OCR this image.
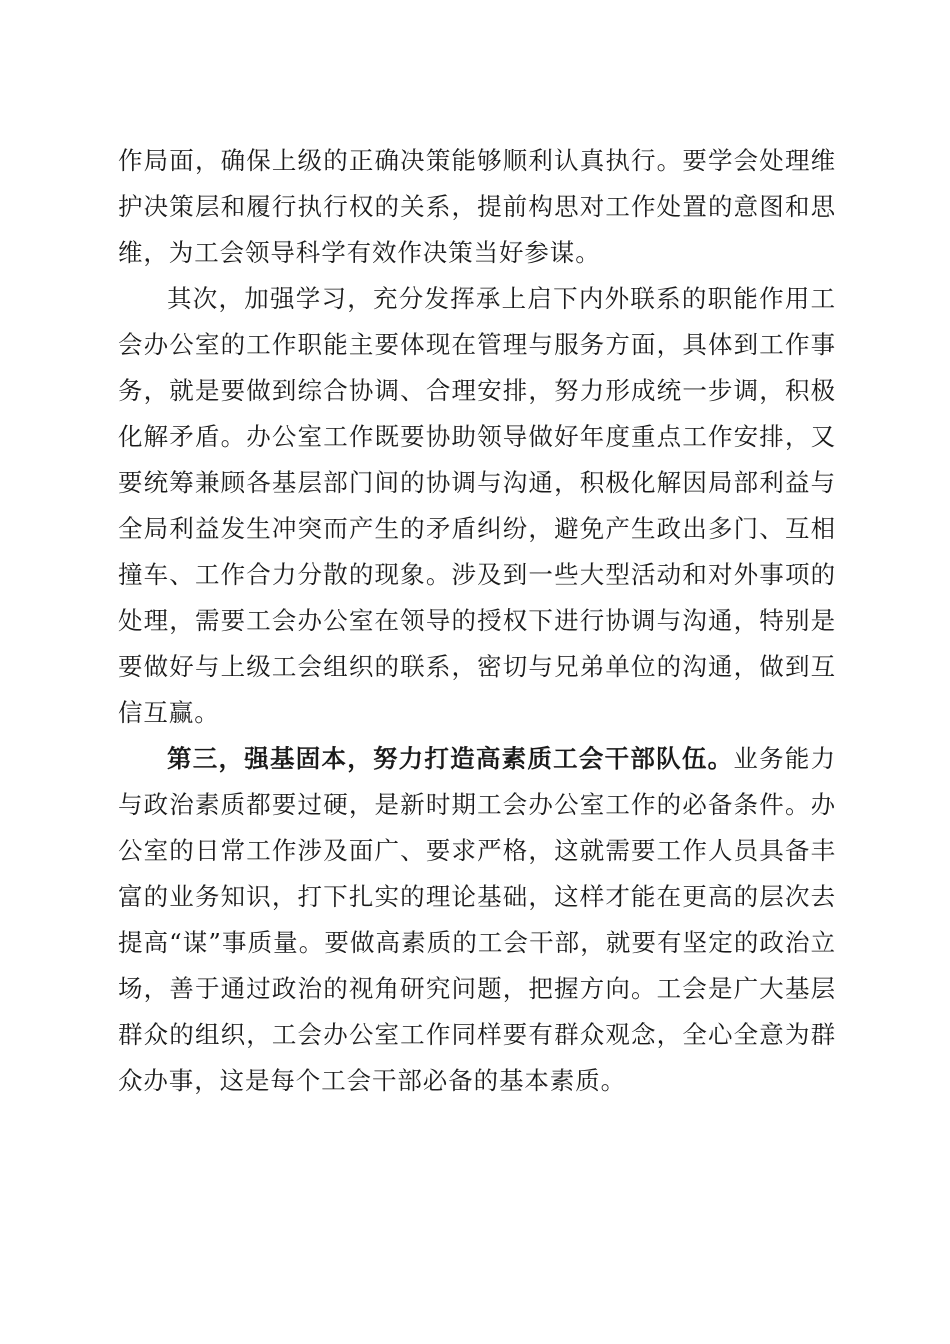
作局面，确保上级的正确决策能够顺利认真执行。要学会处理维护决策层和履行执行权的关系，提前构思对工作处置的意图和思维，为工会领导科学有效作决策当好参谋。

其次，加强学习，充分发挥承上启下内外联系的职能作用工会办公室的工作职能主要体现在管理与服务方面，具体到工作事务，就是要做到综合协调、合理安排，努力形成统一步调，积极化解矛盾。办公室工作既要协助领导做好年度重点工作安排，又要统筹兼顾各基层部门间的协调与沟通，积极化解因局部利益与全局利益发生冲突而产生的矛盾纠纷，避免产生政出多门、互相撞车、工作合力分散的现象。涉及到一些大型活动和对外事项的处理，需要工会办公室在领导的授权下进行协调与沟通，特别是要做好与上级工会组织的联系，密切与兄弟单位的沟通，做到互信互赢。

第三，强基固本，努力打造高素质工会干部队伍。业务能力与政治素质都要过硬，是新时期工会办公室工作的必备条件。办公室的日常工作涉及面广、要求严格，这就需要工作人员具备丰富的业务知识，打下扎实的理论基础，这样才能在更高的层次去提高“谋”事质量。要做高素质的工会干部，就要有坚定的政治立场，善于通过政治的视角研究问题，把握方向。工会是广大基层群众的组织，工会办公室工作同样要有群众观念，全心全意为群众办事，这是每个工会干部必备的基本素质。
